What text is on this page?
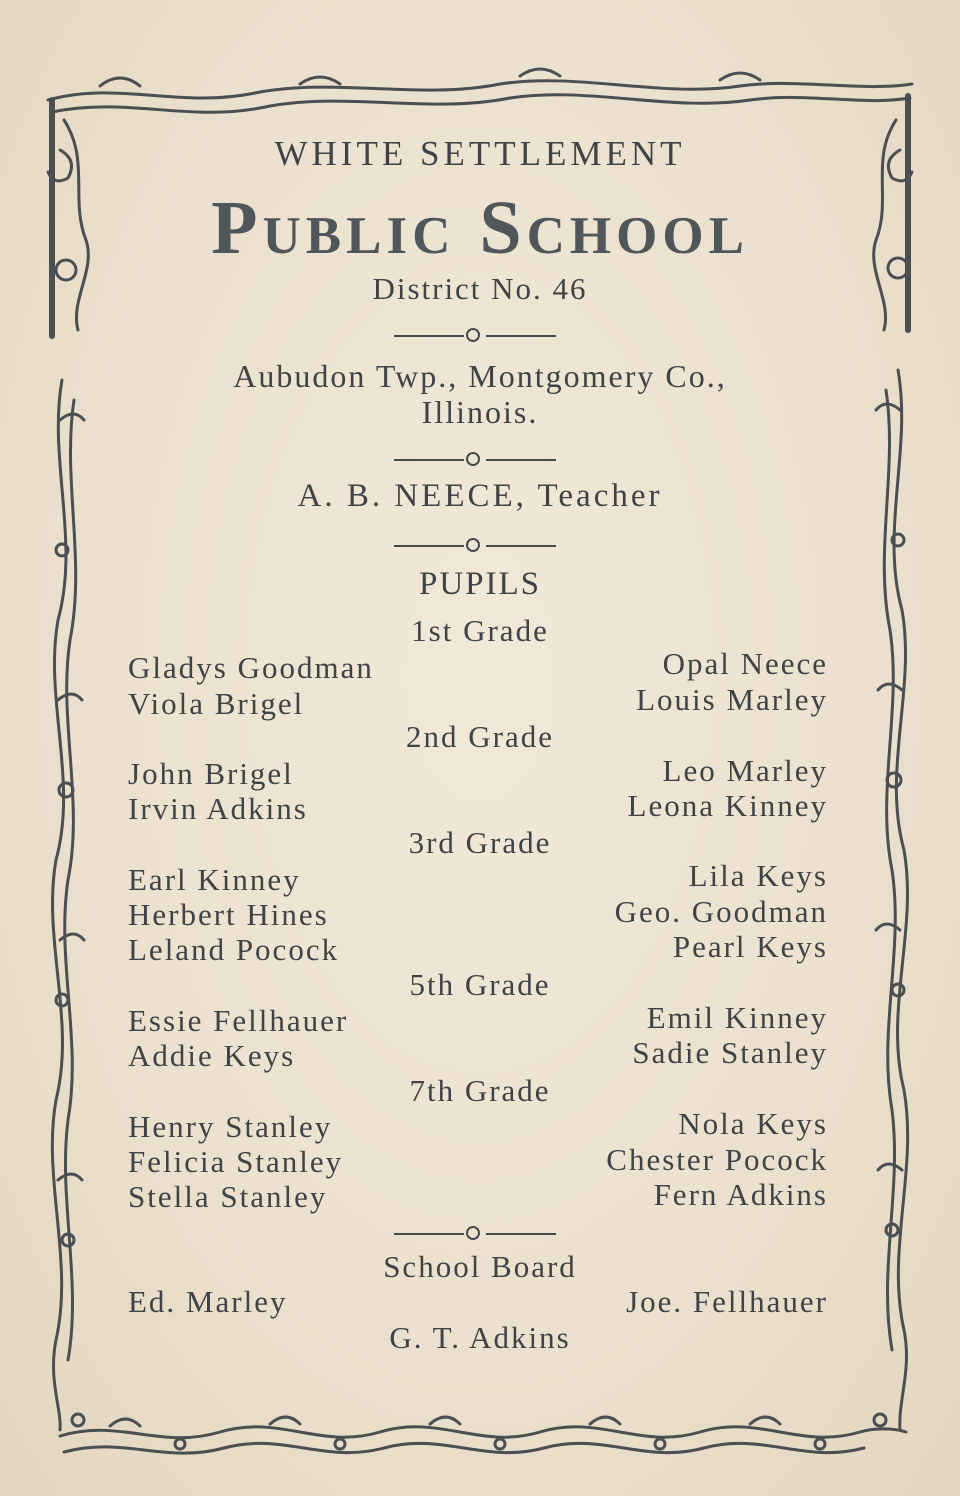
WHITE SETTLEMENT
Public School
District No. 46
Aubudon Twp., Montgomery Co.,
Illinois.
A. B. NEECE, Teacher
PUPILS
1st Grade
Gladys Goodman
Viola Brigel
Opal Neece
Louis Marley
2nd Grade
John Brigel
Irvin Adkins
Leo Marley
Leona Kinney
3rd Grade
Earl Kinney
Herbert Hines
Leland Pocock
Lila Keys
Geo. Goodman
Pearl Keys
5th Grade
Essie Fellhauer
Addie Keys
Emil Kinney
Sadie Stanley
7th Grade
Henry Stanley
Felicia Stanley
Stella Stanley
Nola Keys
Chester Pocock
Fern Adkins
School Board
Ed. Marley	Joe. Fellhauer
G. T. Adkins
